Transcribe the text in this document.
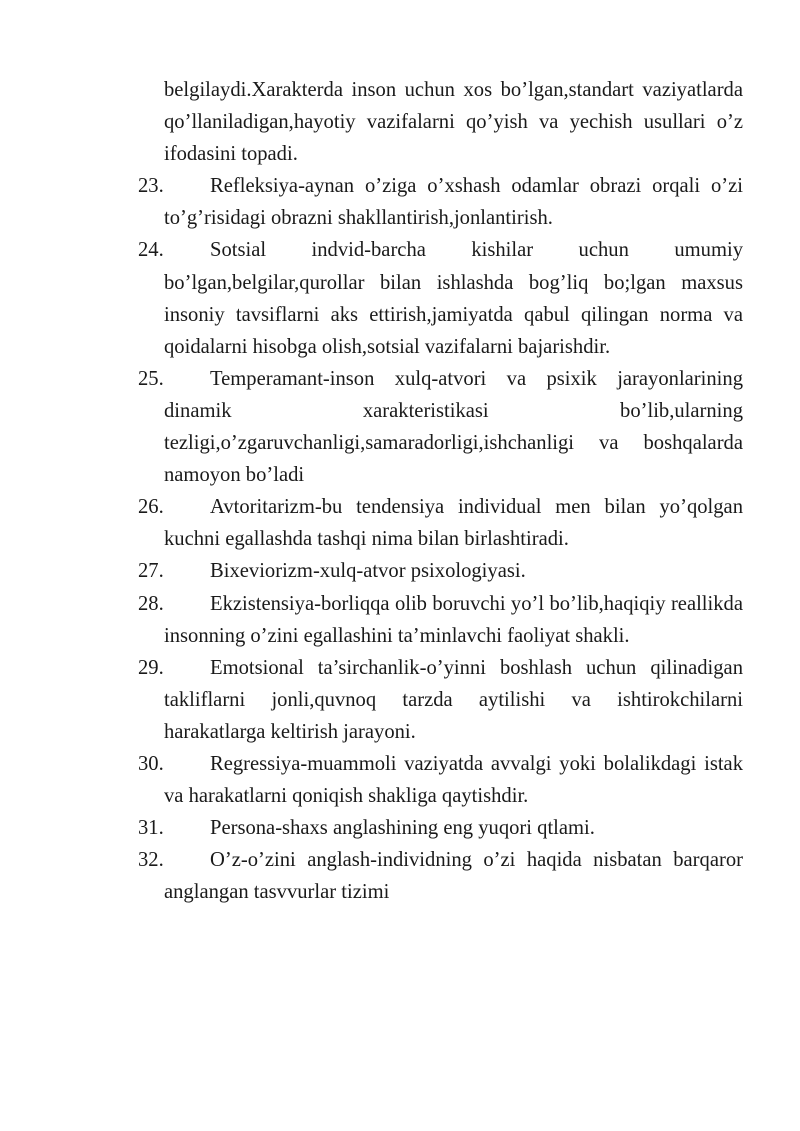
belgilaydi.Xarakterda inson uchun xos bo’lgan,standart vaziyatlarda qo’llaniladigan,hayotiy vazifalarni qo’yish va yechish usullari o’z ifodasini topadi.
23.	Refleksiya-aynan o’ziga o’xshash odamlar obrazi orqali o’zi to’g’risidagi obrazni shakllantirish,jonlantirish.
24.	Sotsial indvid-barcha kishilar uchun umumiy bo’lgan,belgilar,qurollar bilan ishlashda bog’liq bo;lgan maxsus insoniy tavsiflarni aks ettirish,jamiyatda qabul qilingan norma va qoidalarni hisobga olish,sotsial vazifalarni bajarishdir.
25.	Temperamant-inson xulq-atvori va psixik jarayonlarining dinamik xarakteristikasi bo’lib,ularning tezligi,o’zgaruvchanligi,samaradorligi,ishchanligi va boshqalarda namoyon bo’ladi
26.	Avtoritarizm-bu tendensiya individual men bilan yo’qolgan kuchni egallashda tashqi nima bilan birlashtiradi.
27.	Bixeviorizm-xulq-atvor psixologiyasi.
28.	Ekzistensiya-borliqqa olib boruvchi yo’l bo’lib,haqiqiy reallikda insonning o’zini egallashini ta’minlavchi faoliyat shakli.
29.	Emotsional ta’sirchanlik-o’yinni boshlash uchun qilinadigan takliflarni jonli,quvnoq tarzda aytilishi va ishtirokchilarni harakatlarga keltirish jarayoni.
30.	Regressiya-muammoli vaziyatda avvalgi yoki bolalikdagi istak va harakatlarni qoniqish shakliga qaytishdir.
31.	Persona-shaxs anglashining eng yuqori qtlami.
32.	O’z-o’zini anglash-individning o’zi haqida nisbatan barqaror anglangan tasvvurlar tizimi
